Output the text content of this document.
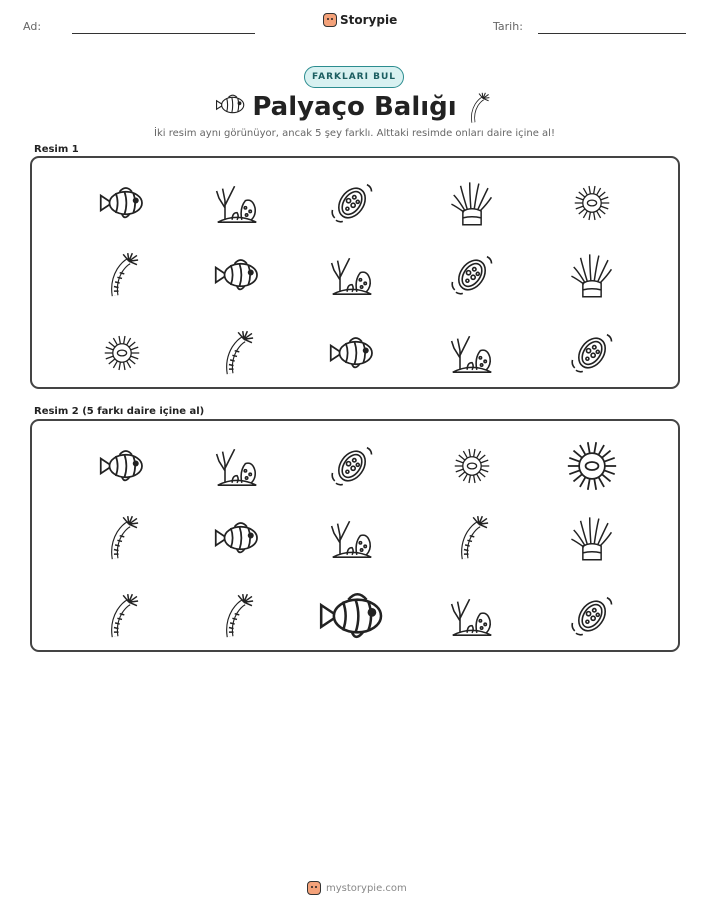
Ad:	Storypie	Tarih:
FARKLARI BUL
Palyaço Balığı
İki resim aynı görünüyor, ancak 5 şey farklı. Alttaki resimde onları daire içine al!
Resim 1
Resim 2 (5 farkı daire içine al)
mystorypie.com
